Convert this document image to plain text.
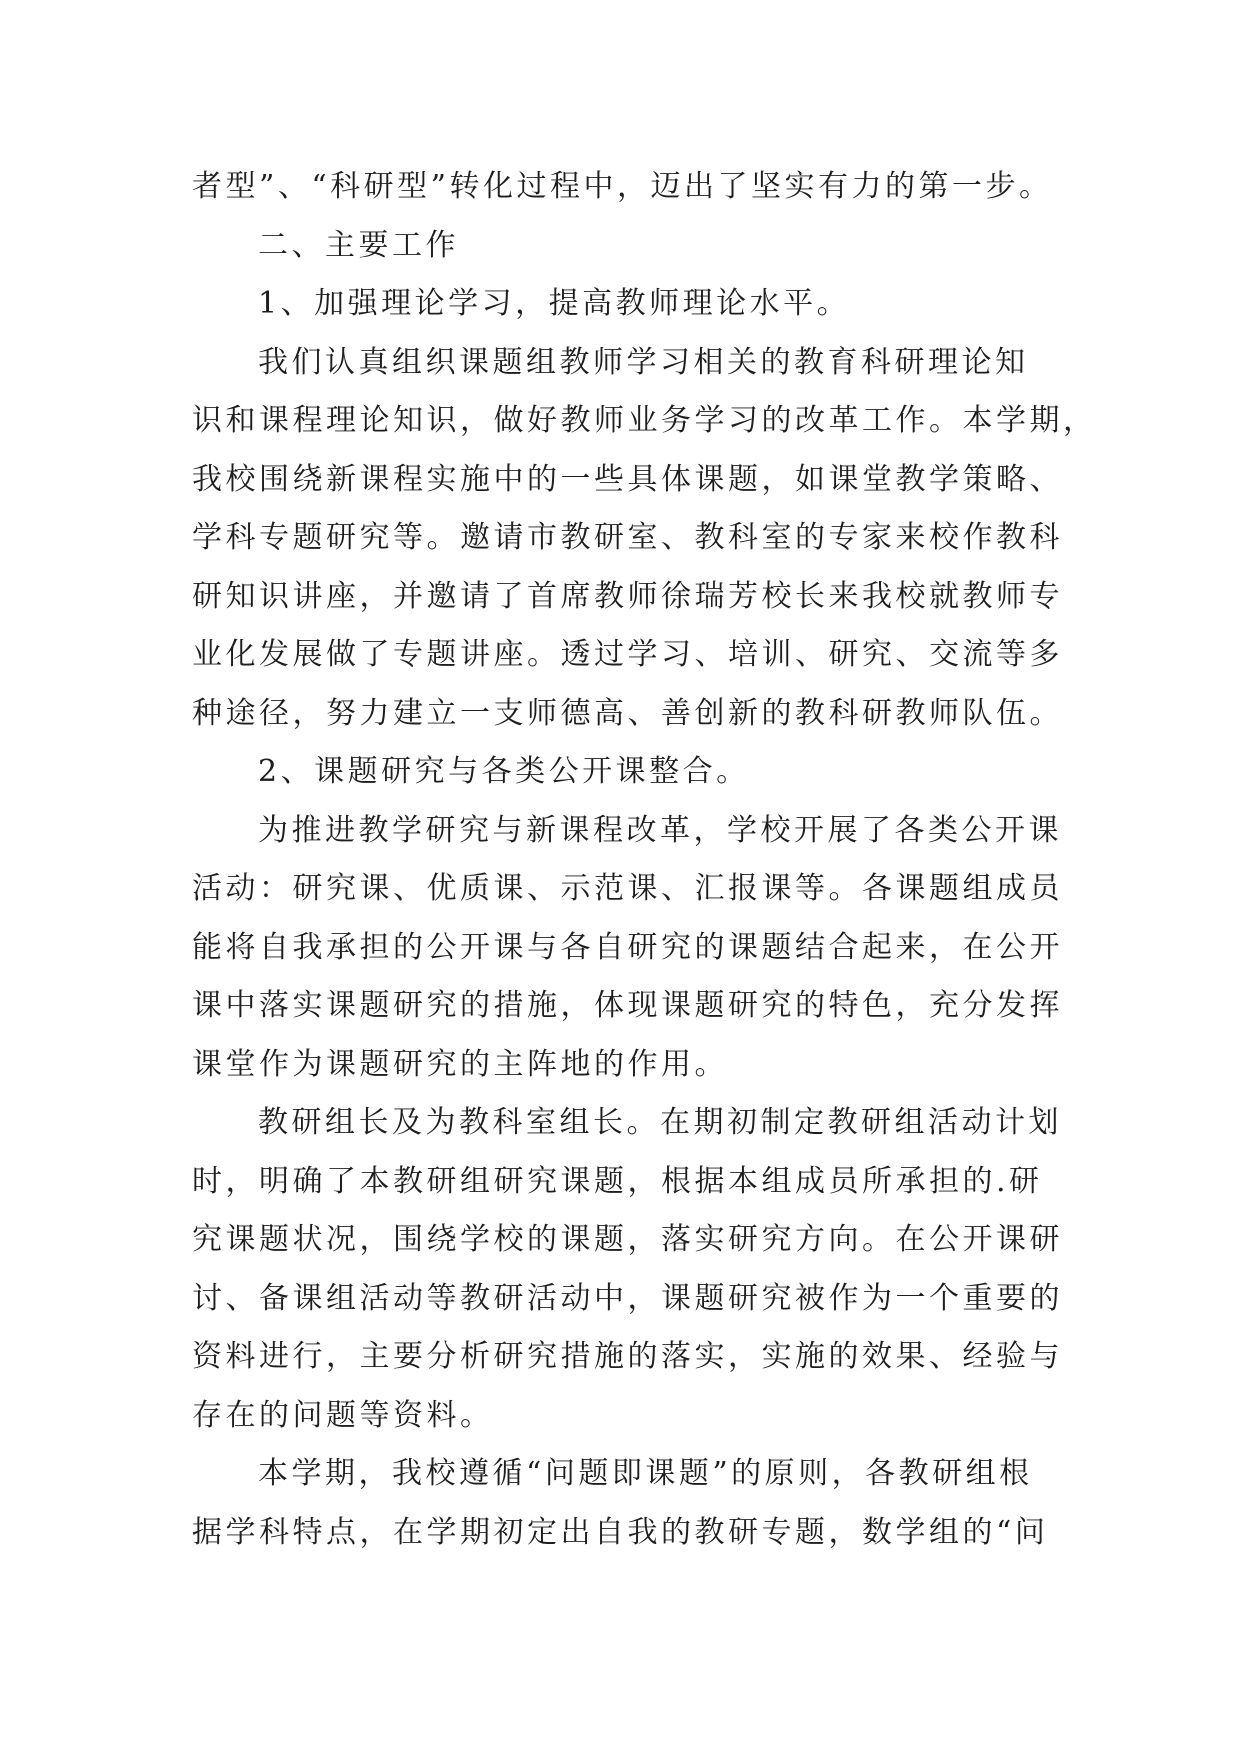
者型”、“科研型”转化过程中，迈出了坚实有力的第一步。
二、主要工作
1、加强理论学习，提高教师理论水平。
我们认真组织课题组教师学习相关的教育科研理论知
识和课程理论知识，做好教师业务学习的改革工作。本学期，
我校围绕新课程实施中的一些具体课题，如课堂教学策略、
学科专题研究等。邀请市教研室、教科室的专家来校作教科
研知识讲座，并邀请了首席教师徐瑞芳校长来我校就教师专
业化发展做了专题讲座。透过学习、培训、研究、交流等多
种途径，努力建立一支师德高、善创新的教科研教师队伍。
2、课题研究与各类公开课整合。
为推进教学研究与新课程改革，学校开展了各类公开课
活动：研究课、优质课、示范课、汇报课等。各课题组成员
能将自我承担的公开课与各自研究的课题结合起来，在公开
课中落实课题研究的措施，体现课题研究的特色，充分发挥
课堂作为课题研究的主阵地的作用。
教研组长及为教科室组长。在期初制定教研组活动计划
时，明确了本教研组研究课题，根据本组成员所承担的.研
究课题状况，围绕学校的课题，落实研究方向。在公开课研
讨、备课组活动等教研活动中，课题研究被作为一个重要的
资料进行，主要分析研究措施的落实，实施的效果、经验与
存在的问题等资料。
本学期，我校遵循“问题即课题”的原则，各教研组根
据学科特点，在学期初定出自我的教研专题，数学组的“问
